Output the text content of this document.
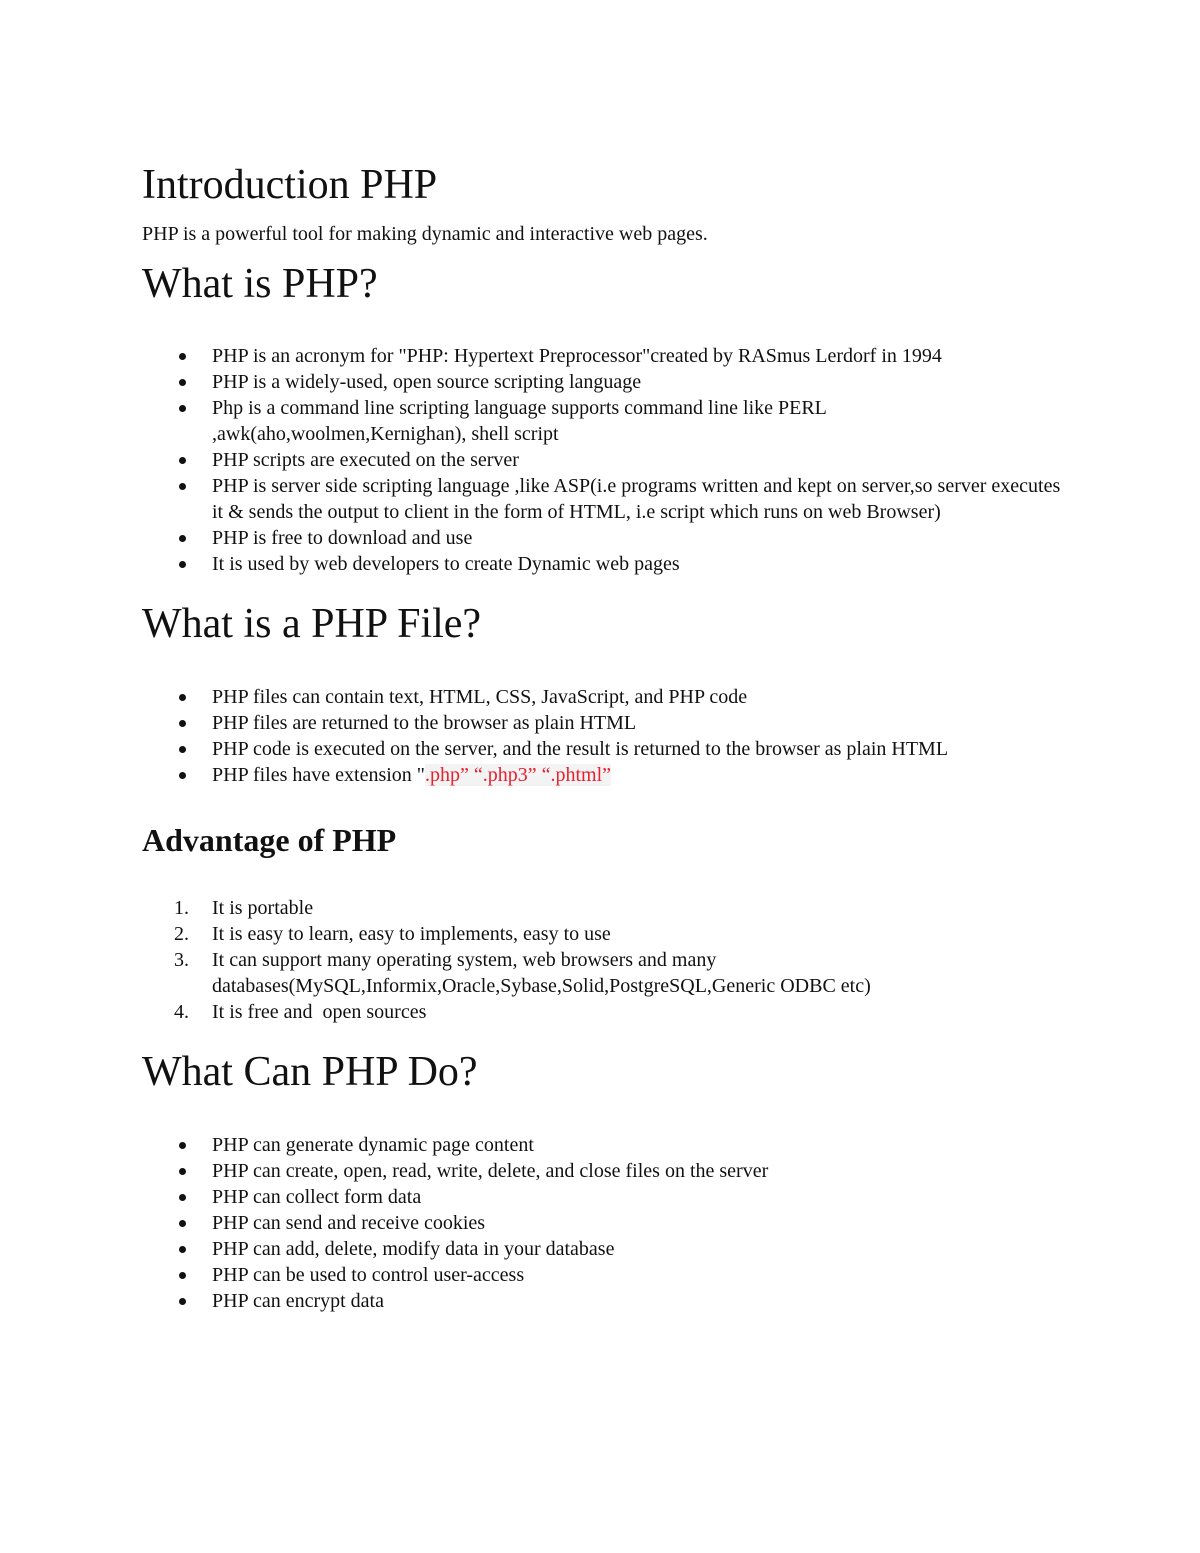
Introduction PHP

PHP is a powerful tool for making dynamic and interactive web pages.

What is PHP?
PHP is an acronym for "PHP: Hypertext Preprocessor"created by RASmus Lerdorf in 1994
PHP is a widely-used, open source scripting language
Php is a command line scripting language supports command line like PERL ,awk(aho,woolmen,Kernighan), shell script
PHP scripts are executed on the server
PHP is server side scripting language ,like ASP(i.e programs written and kept on server,so server executes it & sends the output to client in the form of HTML, i.e script which runs on web Browser)
PHP is free to download and use
It is used by web developers to create Dynamic web pages
What is a PHP File?
PHP files can contain text, HTML, CSS, JavaScript, and PHP code
PHP files are returned to the browser as plain HTML
PHP code is executed on the server, and the result is returned to the browser as plain HTML
PHP files have extension ".php” “.php3” “.phtml”
Advantage of PHP
1. It is portable
2. It is easy to learn, easy to implements, easy to use
3. It can support many operating system, web browsers and many databases(MySQL,Informix,Oracle,Sybase,Solid,PostgreSQL,Generic ODBC etc)
4. It is free and  open sources
What Can PHP Do?
PHP can generate dynamic page content
PHP can create, open, read, write, delete, and close files on the server
PHP can collect form data
PHP can send and receive cookies
PHP can add, delete, modify data in your database
PHP can be used to control user-access
PHP can encrypt data
